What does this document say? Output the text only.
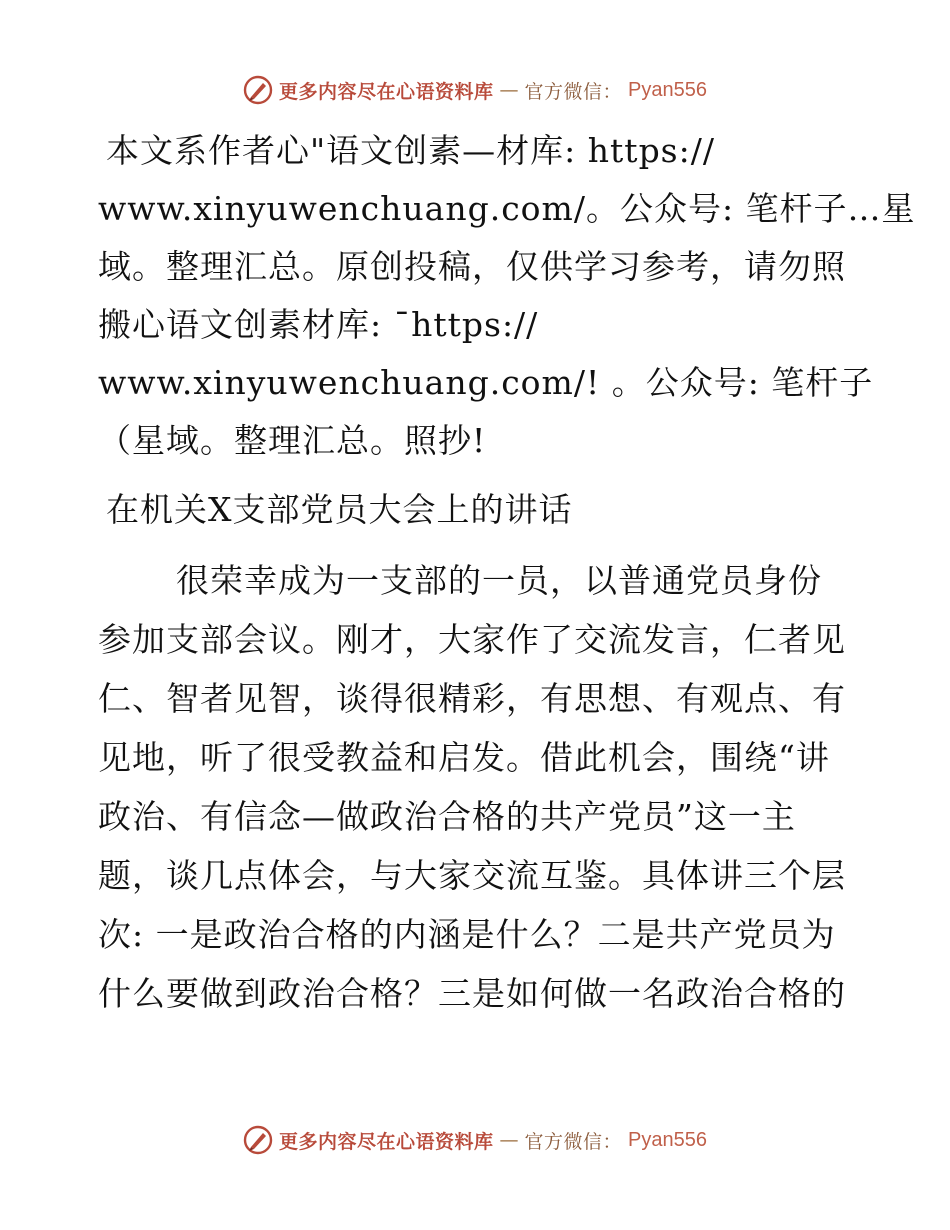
更多内容尽在心语资料库 — 官方微信： Pyan556
本文系作者心"语文创素—材库: https://
www.xinyuwenchuang.com/。公众号: 笔杆子…星
域。整理汇总。原创投稿，仅供学习参考，请勿照
搬心语文创素材库: ¯https://
www.xinyuwenchuang.com/! 。公众号: 笔杆子
（星域。整理汇总。照抄!
在机关X支部党员大会上的讲话
很荣幸成为一支部的一员，以普通党员身份
参加支部会议。刚才，大家作了交流发言，仁者见
仁、智者见智，谈得很精彩，有思想、有观点、有
见地，听了很受教益和启发。借此机会，围绕“讲
政治、有信念—做政治合格的共产党员”这一主
题，谈几点体会，与大家交流互鉴。具体讲三个层
次: 一是政治合格的内涵是什么？二是共产党员为
什么要做到政治合格？三是如何做一名政治合格的
更多内容尽在心语资料库 — 官方微信： Pyan556
